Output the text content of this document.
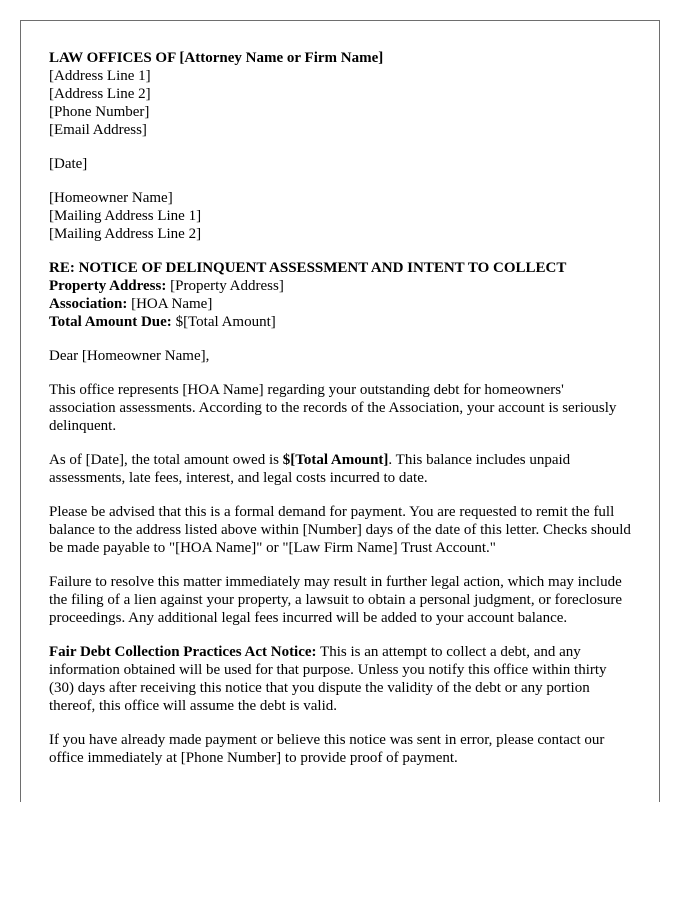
LAW OFFICES OF [Attorney Name or Firm Name]
[Address Line 1]
[Address Line 2]
[Phone Number]
[Email Address]
[Date]
[Homeowner Name]
[Mailing Address Line 1]
[Mailing Address Line 2]
RE: NOTICE OF DELINQUENT ASSESSMENT AND INTENT TO COLLECT
Property Address: [Property Address]
Association: [HOA Name]
Total Amount Due: $[Total Amount]

Dear [Homeowner Name],

This office represents [HOA Name] regarding your outstanding debt for homeowners' association assessments. According to the records of the Association, your account is seriously delinquent.

As of [Date], the total amount owed is $[Total Amount]. This balance includes unpaid assessments, late fees, interest, and legal costs incurred to date.

Please be advised that this is a formal demand for payment. You are requested to remit the full balance to the address listed above within [Number] days of the date of this letter. Checks should be made payable to "[HOA Name]" or "[Law Firm Name] Trust Account."

Failure to resolve this matter immediately may result in further legal action, which may include the filing of a lien against your property, a lawsuit to obtain a personal judgment, or foreclosure proceedings. Any additional legal fees incurred will be added to your account balance.

Fair Debt Collection Practices Act Notice: This is an attempt to collect a debt, and any information obtained will be used for that purpose. Unless you notify this office within thirty (30) days after receiving this notice that you dispute the validity of the debt or any portion thereof, this office will assume the debt is valid.

If you have already made payment or believe this notice was sent in error, please contact our office immediately at [Phone Number] to provide proof of payment.
